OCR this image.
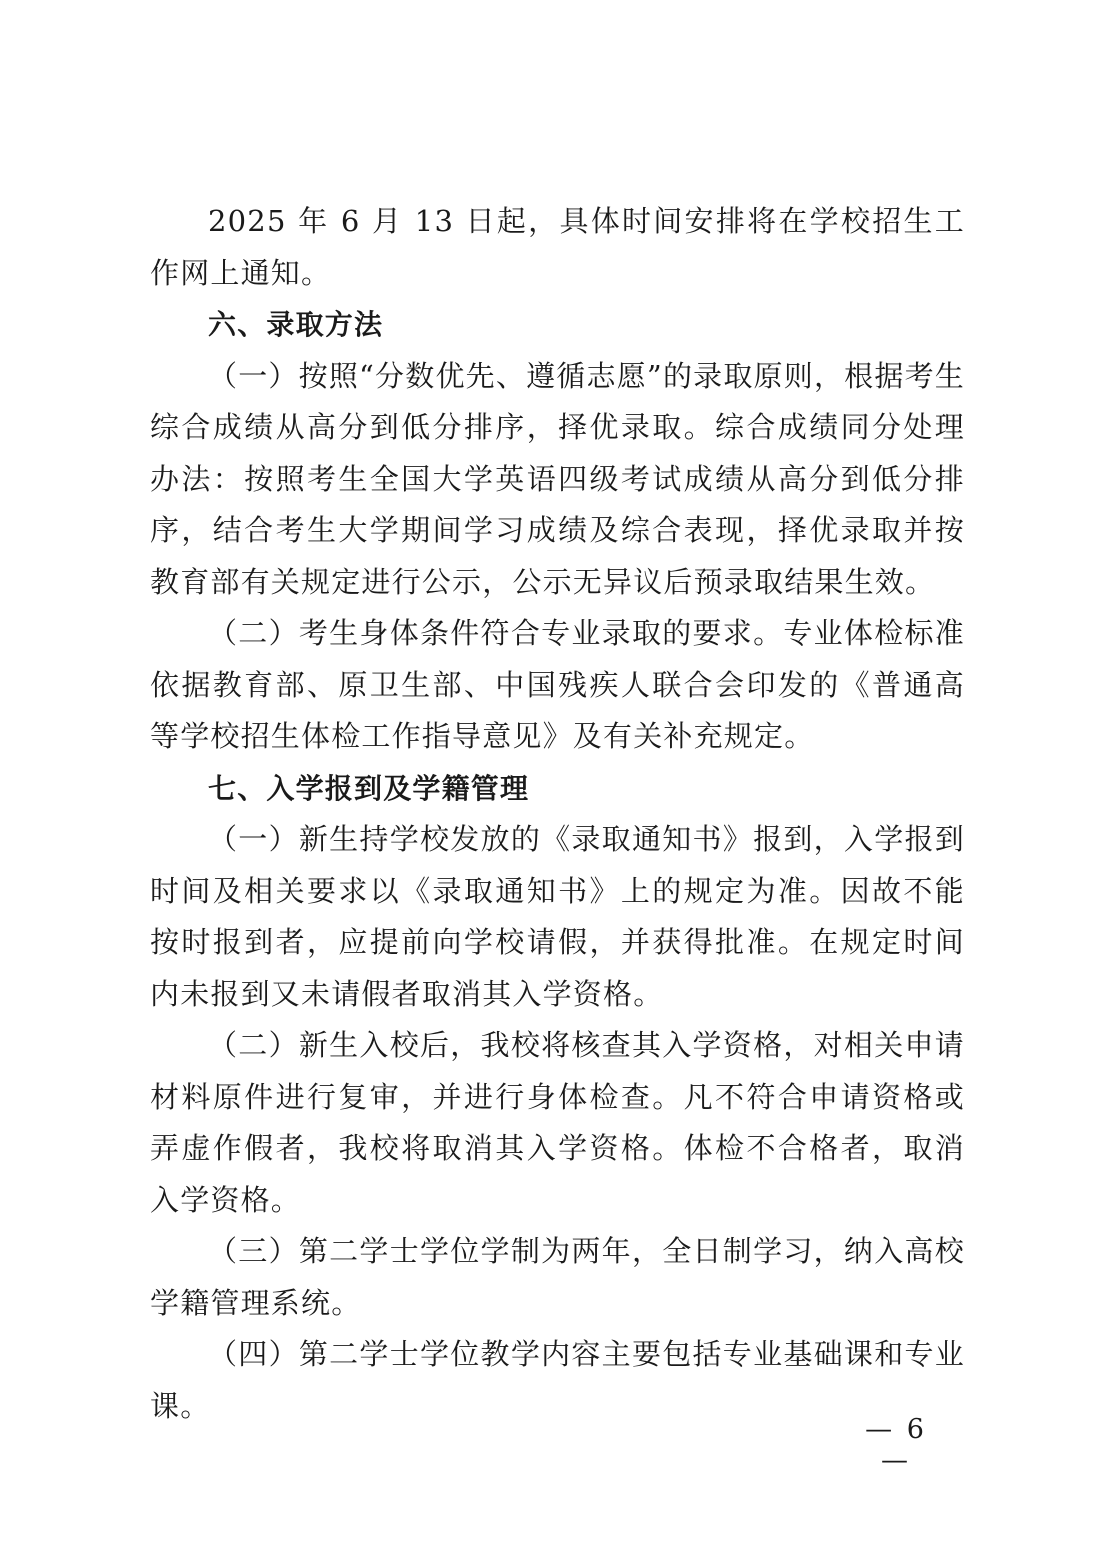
2025 年 6 月 13 日起，具体时间安排将在学校招生工作网上通知。

六、录取方法

（一）按照“分数优先、遵循志愿”的录取原则，根据考生综合成绩从高分到低分排序，择优录取。综合成绩同分处理办法：按照考生全国大学英语四级考试成绩从高分到低分排序，结合考生大学期间学习成绩及综合表现，择优录取并按教育部有关规定进行公示，公示无异议后预录取结果生效。

（二）考生身体条件符合专业录取的要求。专业体检标准依据教育部、原卫生部、中国残疾人联合会印发的《普通高等学校招生体检工作指导意见》及有关补充规定。

七、入学报到及学籍管理

（一）新生持学校发放的《录取通知书》报到，入学报到时间及相关要求以《录取通知书》上的规定为准。因故不能按时报到者，应提前向学校请假，并获得批准。在规定时间内未报到又未请假者取消其入学资格。

（二）新生入校后，我校将核查其入学资格，对相关申请材料原件进行复审，并进行身体检查。凡不符合申请资格或弄虚作假者，我校将取消其入学资格。体检不合格者，取消入学资格。

（三）第二学士学位学制为两年，全日制学习，纳入高校学籍管理系统。

（四）第二学士学位教学内容主要包括专业基础课和专业课。

— 6 —
